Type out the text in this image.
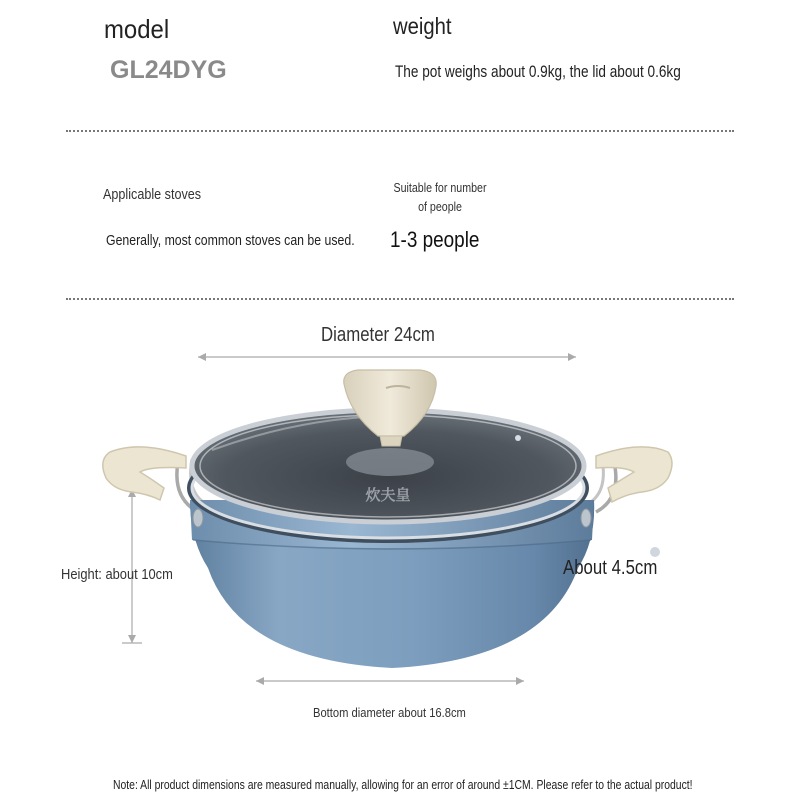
model
GL24DYG
weight
The pot weighs about 0.9kg, the lid about 0.6kg
Applicable stoves
Generally, most common stoves can be used.
Suitable for number
of people
1-3 people
炊夫皇
Diameter 24cm
Height: about 10cm	About 4.5cm
Bottom diameter about 16.8cm
Note: All product dimensions are measured manually, allowing for an error of around ±1CM. Please refer to the actual product!
